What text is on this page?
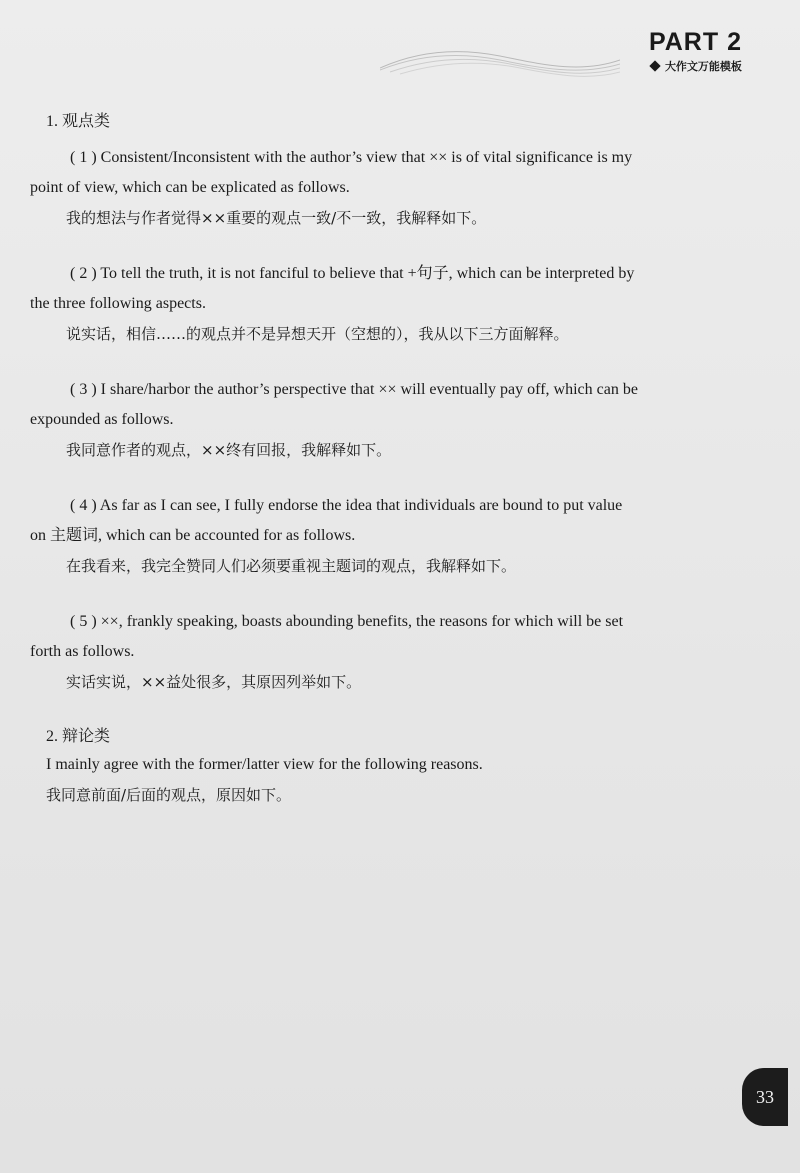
PART 2
大作文万能模板
1. 观点类

( 1 ) Consistent/Inconsistent with the author’s view that ×× is of vital significance is my
point of view, which can be explicated as follows.

我的想法与作者觉得××重要的观点一致/不一致，我解释如下。

( 2 ) To tell the truth, it is not fanciful to believe that +句子, which can be interpreted by
the three following aspects.

说实话，相信……的观点并不是异想天开（空想的），我从以下三方面解释。

( 3 ) I share/harbor the author’s perspective that ×× will eventually pay off, which can be
expounded as follows.

我同意作者的观点，××终有回报，我解释如下。

( 4 ) As far as I can see, I fully endorse the idea that individuals are bound to put value
on 主题词, which can be accounted for as follows.

在我看来，我完全赞同人们必须要重视主题词的观点，我解释如下。

( 5 ) ××, frankly speaking, boasts abounding benefits, the reasons for which will be set
forth as follows.

实话实说，××益处很多，其原因列举如下。

2. 辩论类

I mainly agree with the former/latter view for the following reasons.

我同意前面/后面的观点，原因如下。

33
